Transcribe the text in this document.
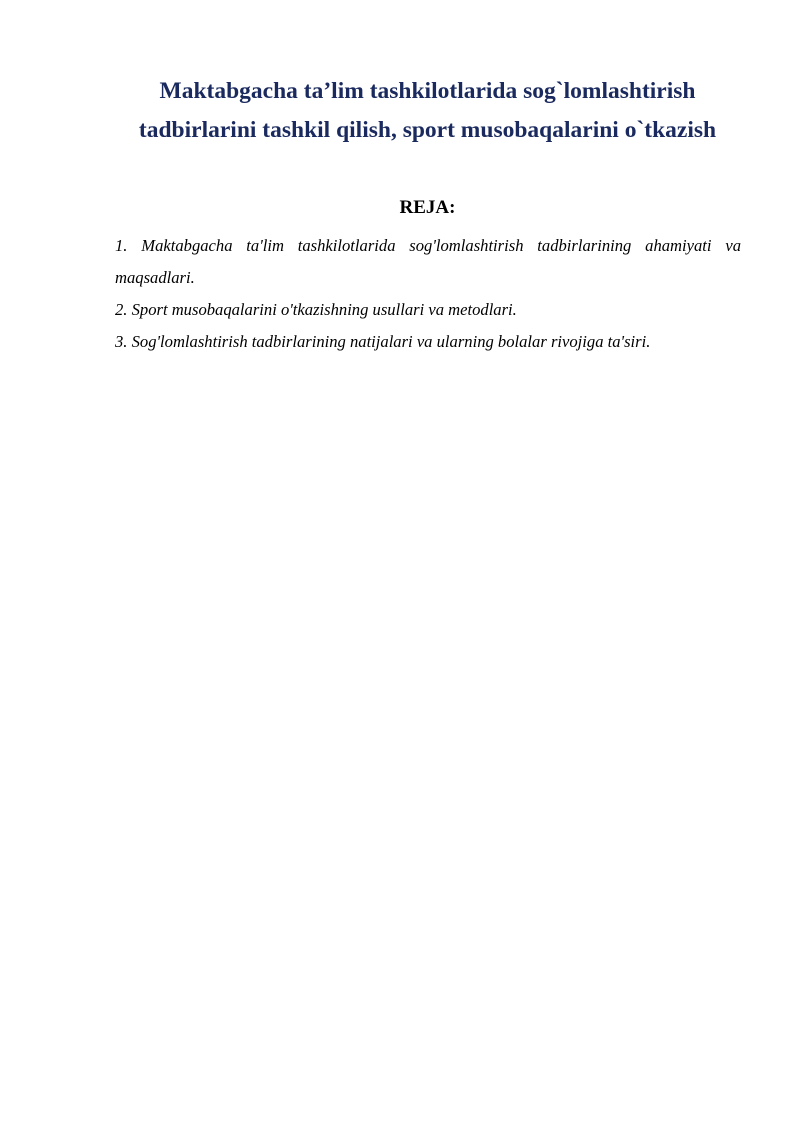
Maktabgacha ta’lim tashkilotlarida sog`lomlashtirish
tadbirlarini tashkil qilish, sport musobaqalarini o`tkazish
REJA:
1. Maktabgacha ta'lim tashkilotlarida sog'lomlashtirish tadbirlarining ahamiyati va maqsadlari.
2. Sport musobaqalarini o'tkazishning usullari va metodlari.
3. Sog'lomlashtirish tadbirlarining natijalari va ularning bolalar rivojiga ta'siri.
